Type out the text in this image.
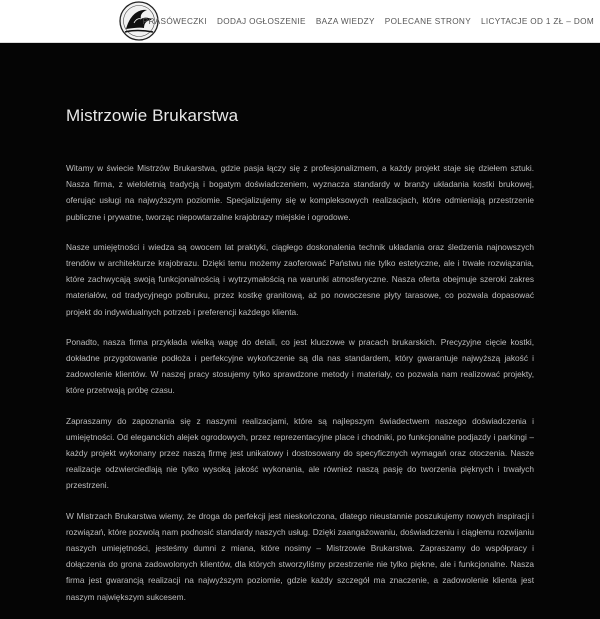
PRASÓWECZKI DODAJ OGŁOSZENIE BAZA WIEDZY POLECANE STRONY LICYTACJE OD 1 ZŁ – DOM
Mistrzowie Brukarstwa

Witamy w świecie Mistrzów Brukarstwa, gdzie pasja łączy się z profesjonalizmem, a każdy projekt staje się dziełem sztuki. Nasza firma, z wieloletnią tradycją i bogatym doświadczeniem, wyznacza standardy w branży układania kostki brukowej, oferując usługi na najwyższym poziomie. Specjalizujemy się w kompleksowych realizacjach, które odmieniają przestrzenie publiczne i prywatne, tworząc niepowtarzalne krajobrazy miejskie i ogrodowe.

Nasze umiejętności i wiedza są owocem lat praktyki, ciągłego doskonalenia technik układania oraz śledzenia najnowszych trendów w architekturze krajobrazu. Dzięki temu możemy zaoferować Państwu nie tylko estetyczne, ale i trwałe rozwiązania, które zachwycają swoją funkcjonalnością i wytrzymałością na warunki atmosferyczne. Nasza oferta obejmuje szeroki zakres materiałów, od tradycyjnego polbruku, przez kostkę granitową, aż po nowoczesne płyty tarasowe, co pozwala dopasować projekt do indywidualnych potrzeb i preferencji każdego klienta.

Ponadto, nasza firma przykłada wielką wagę do detali, co jest kluczowe w pracach brukarskich. Precyzyjne cięcie kostki, dokładne przygotowanie podłoża i perfekcyjne wykończenie są dla nas standardem, który gwarantuje najwyższą jakość i zadowolenie klientów. W naszej pracy stosujemy tylko sprawdzone metody i materiały, co pozwala nam realizować projekty, które przetrwają próbę czasu.

Zapraszamy do zapoznania się z naszymi realizacjami, które są najlepszym świadectwem naszego doświadczenia i umiejętności. Od eleganckich alejek ogrodowych, przez reprezentacyjne place i chodniki, po funkcjonalne podjazdy i parkingi – każdy projekt wykonany przez naszą firmę jest unikatowy i dostosowany do specyficznych wymagań oraz otoczenia. Nasze realizacje odzwierciedlają nie tylko wysoką jakość wykonania, ale również naszą pasję do tworzenia pięknych i trwałych przestrzeni.

W Mistrzach Brukarstwa wiemy, że droga do perfekcji jest nieskończona, dlatego nieustannie poszukujemy nowych inspiracji i rozwiązań, które pozwolą nam podnosić standardy naszych usług. Dzięki zaangażowaniu, doświadczeniu i ciągłemu rozwijaniu naszych umiejętności, jesteśmy dumni z miana, które nosimy – Mistrzowie Brukarstwa. Zapraszamy do współpracy i dołączenia do grona zadowolonych klientów, dla których stworzyliśmy przestrzenie nie tylko piękne, ale i funkcjonalne. Nasza firma jest gwarancją realizacji na najwyższym poziomie, gdzie każdy szczegół ma znaczenie, a zadowolenie klienta jest naszym największym sukcesem.
